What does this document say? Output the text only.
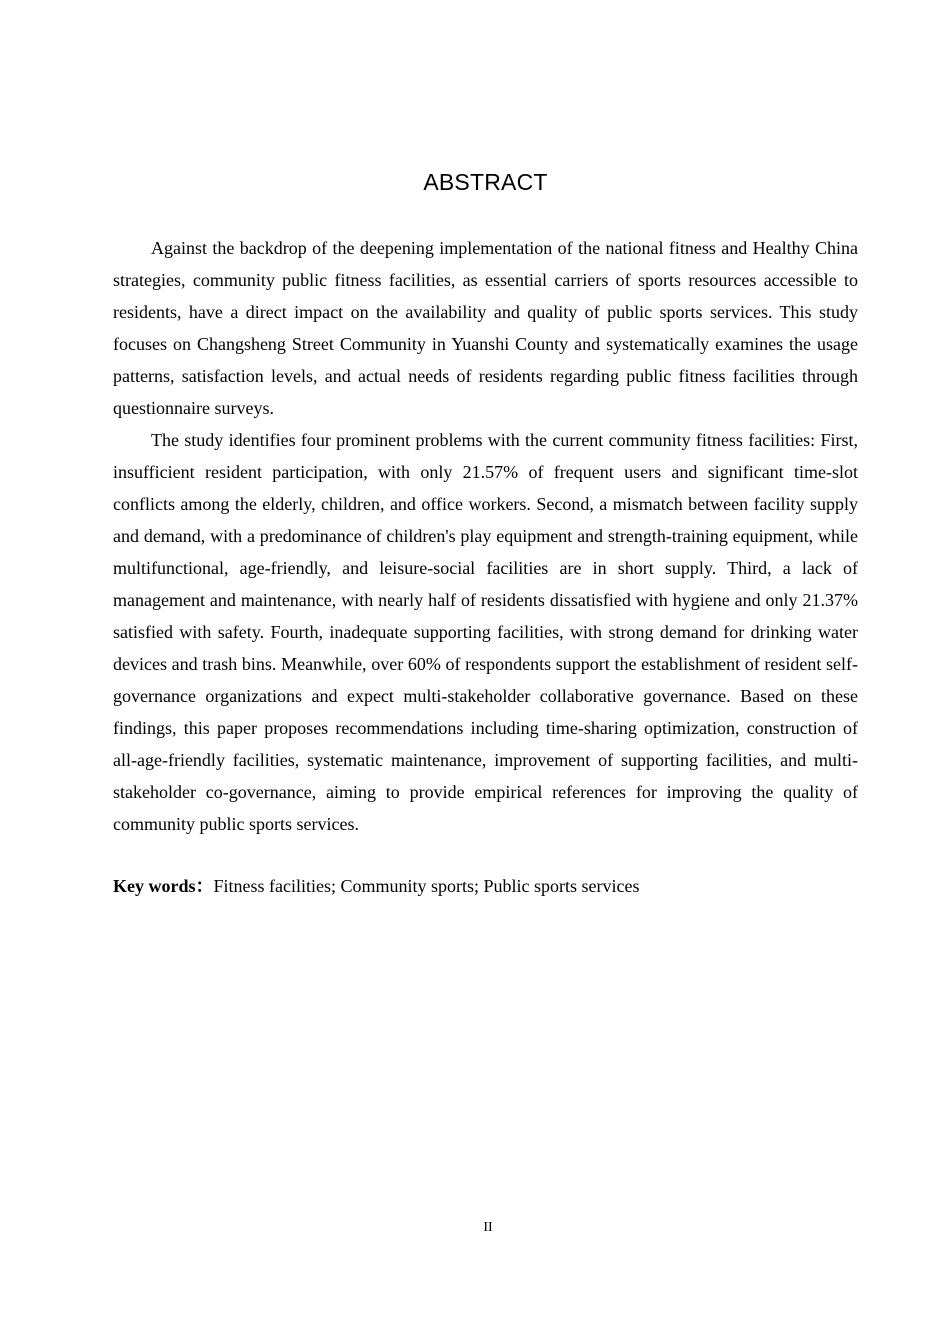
ABSTRACT

Against the backdrop of the deepening implementation of the national fitness and Healthy China strategies, community public fitness facilities, as essential carriers of sports resources accessible to residents, have a direct impact on the availability and quality of public sports services. This study focuses on Changsheng Street Community in Yuanshi County and systematically examines the usage patterns, satisfaction levels, and actual needs of residents regarding public fitness facilities through questionnaire surveys.

The study identifies four prominent problems with the current community fitness facilities: First, insufficient resident participation, with only 21.57% of frequent users and significant time-slot conflicts among the elderly, children, and office workers. Second, a mismatch between facility supply and demand, with a predominance of children's play equipment and strength-training equipment, while multifunctional, age-friendly, and leisure-social facilities are in short supply. Third, a lack of management and maintenance, with nearly half of residents dissatisfied with hygiene and only 21.37% satisfied with safety. Fourth, inadequate supporting facilities, with strong demand for drinking water devices and trash bins. Meanwhile, over 60% of respondents support the establishment of resident self-governance organizations and expect multi-stakeholder collaborative governance. Based on these findings, this paper proposes recommendations including time-sharing optimization, construction of all-age-friendly facilities, systematic maintenance, improvement of supporting facilities, and multi-stakeholder co-governance, aiming to provide empirical references for improving the quality of community public sports services.

Key words：Fitness facilities; Community sports; Public sports services
II
